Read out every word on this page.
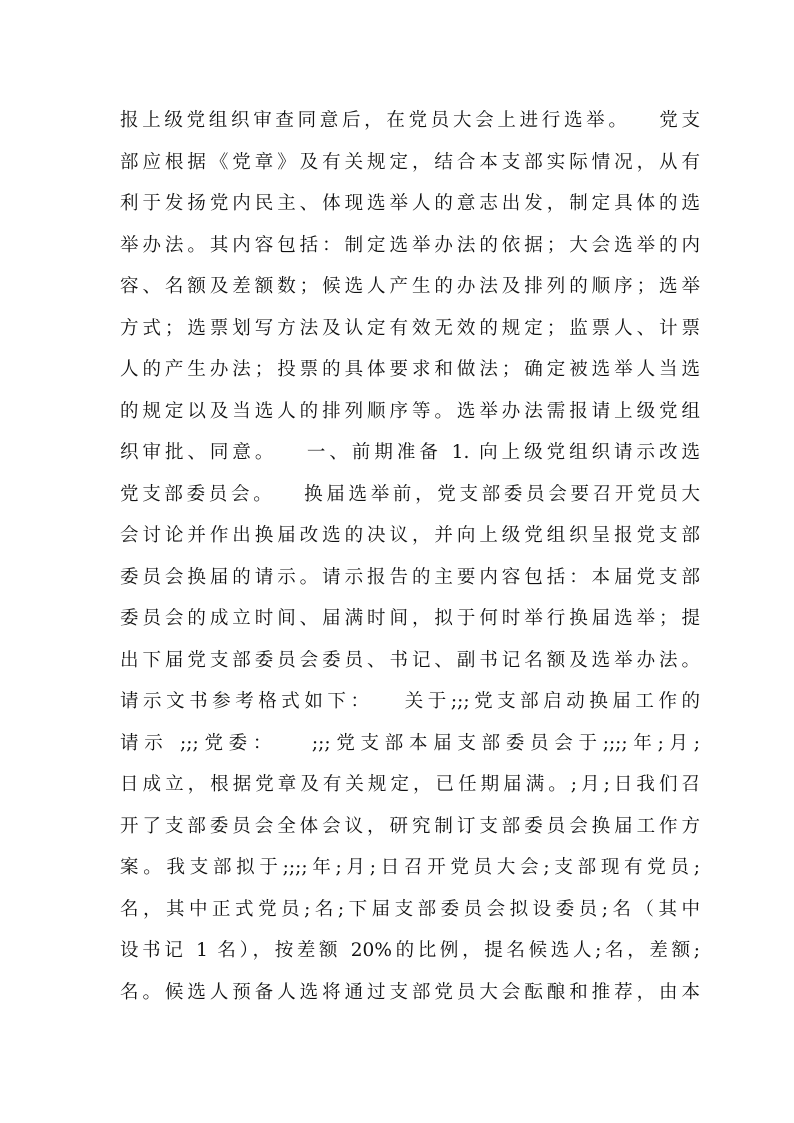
报上级党组织审查同意后，在党员大会上进行选举。   党支
部应根据《党章》及有关规定，结合本支部实际情况，从有
利于发扬党内民主、体现选举人的意志出发，制定具体的选
举办法。其内容包括：制定选举办法的依据；大会选举的内
容、名额及差额数；候选人产生的办法及排列的顺序；选举
方式；选票划写方法及认定有效无效的规定；监票人、计票
人的产生办法；投票的具体要求和做法；确定被选举人当选
的规定以及当选人的排列顺序等。选举办法需报请上级党组
织审批、同意。   一、前期准备 1. 向上级党组织请示改选
党支部委员会。   换届选举前，党支部委员会要召开党员大
会讨论并作出换届改选的决议，并向上级党组织呈报党支部
委员会换届的请示。请示报告的主要内容包括：本届党支部
委员会的成立时间、届满时间，拟于何时举行换届选举；提
出下届党支部委员会委员、书记、副书记名额及选举办法。
请示文书参考格式如下：   关于;;;党支部启动换届工作的
请示 ;;;党委：   ;;;党支部本届支部委员会于;;;;年;月;
日成立，根据党章及有关规定，已任期届满。;月;日我们召
开了支部委员会全体会议，研究制订支部委员会换届工作方
案。我支部拟于;;;;年;月;日召开党员大会;支部现有党员;
名，其中正式党员;名;下届支部委员会拟设委员;名（其中
设书记 1 名），按差额 20%的比例，提名候选人;名，差额;
名。候选人预备人选将通过支部党员大会酝酿和推荐，由本
